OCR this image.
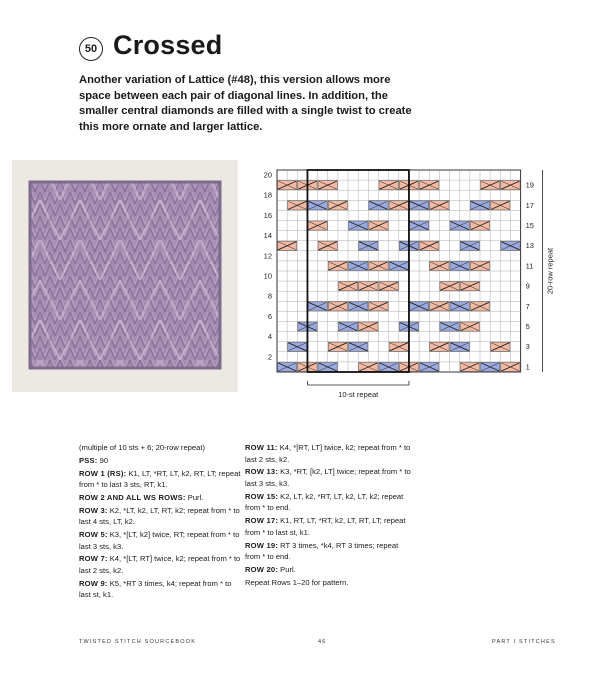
50 Crossed
Another variation of Lattice (#48), this version allows more space between each pair of diagonal lines. In addition, the smaller central diamonds are filled with a single twist to create this more ornate and larger lattice.
20
18
16
14
12
10
8
6
4
2
19
17
15
13
11
9
7
5
3
1
20-row repeat
10-st repeat

(multiple of 10 sts + 6; 20-row repeat)

PSS: 90

ROW 1 (RS): K1, LT, *RT, LT, k2, RT, LT; repeat from * to last 3 sts, RT, k1.

ROW 2 AND ALL WS ROWS: Purl.

ROW 3: K2, *LT, k2, LT, RT, k2; repeat from * to last 4 sts, LT, k2.

ROW 5: K3, *[LT, k2] twice, RT; repeat from * to last 3 sts, k3.

ROW 7: K4, *[LT, RT] twice, k2; repeat from * to last 2 sts, k2.

ROW 9: K5, *RT 3 times, k4; repeat from * to last st, k1.

ROW 11: K4, *[RT, LT] twice, k2; repeat from * to last 2 sts, k2.

ROW 13: K3, *RT, [k2, LT] twice; repeat from * to last 3 sts, k3.

ROW 15: K2, LT, k2, *RT, LT, k2, LT, k2; repeat from * to end.

ROW 17: K1, RT, LT, *RT, k2, LT, RT, LT; repeat from * to last st, k1.

ROW 19: RT 3 times, *k4, RT 3 times; repeat from * to end.

ROW 20: Purl.

Repeat Rows 1–20 for pattern.

TWISTED STITCH SOURCEBOOK	46	PART I STITCHES
